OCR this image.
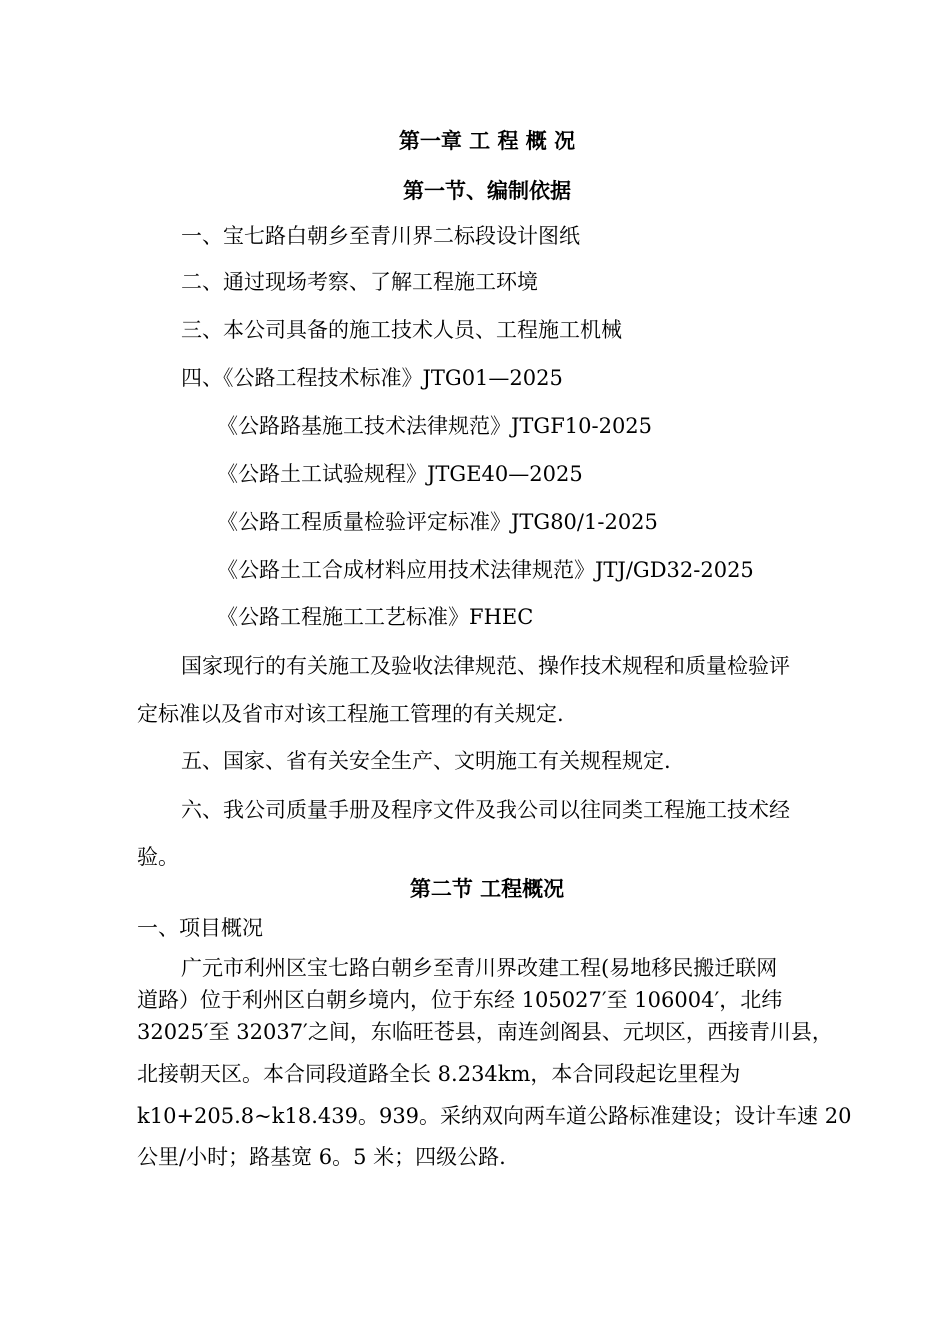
第一章 工 程 概 况
第一节、编制依据
一、宝七路白朝乡至青川界二标段设计图纸
二、通过现场考察、了解工程施工环境
三、本公司具备的施工技术人员、工程施工机械
四、《公路工程技术标准》JTG01—2025
《公路路基施工技术法律规范》JTGF10-2025
《公路土工试验规程》JTGE40—2025
《公路工程质量检验评定标准》JTG80/1-2025
《公路土工合成材料应用技术法律规范》JTJ/GD32-2025
《公路工程施工工艺标准》FHEC
国家现行的有关施工及验收法律规范、操作技术规程和质量检验评
定标准以及省市对该工程施工管理的有关规定.
五、国家、省有关安全生产、文明施工有关规程规定.
六、我公司质量手册及程序文件及我公司以往同类工程施工技术经
验。
第二节 工程概况
一、项目概况
广元市利州区宝七路白朝乡至青川界改建工程(易地移民搬迁联网
道路）位于利州区白朝乡境内，位于东经 105027′至 106004′，北纬
32025′至 32037′之间，东临旺苍县，南连剑阁县、元坝区，西接青川县，
北接朝天区。本合同段道路全长 8.234km，本合同段起讫里程为
k10+205.8~k18.439。939。采纳双向两车道公路标准建设；设计车速 20
公里/小时；路基宽 6。5 米；四级公路.
